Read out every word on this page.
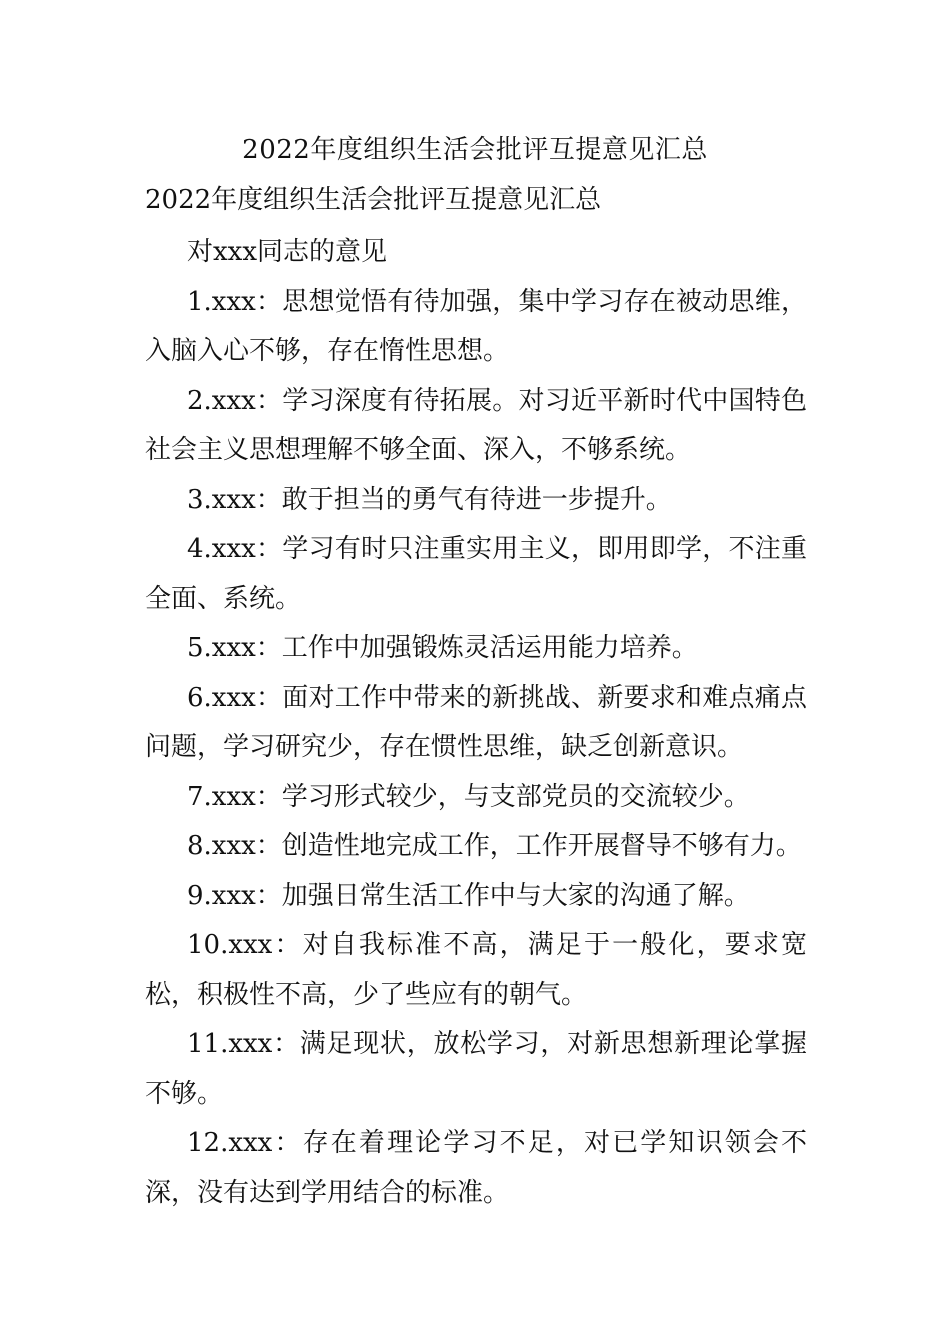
2022年度组织生活会批评互提意见汇总
2022年度组织生活会批评互提意见汇总

对xxx同志的意见

1.xxx：思想觉悟有待加强，集中学习存在被动思维，入脑入心不够，存在惰性思想。

2.xxx：学习深度有待拓展。对习近平新时代中国特色社会主义思想理解不够全面、深入，不够系统。

3.xxx：敢于担当的勇气有待进一步提升。

4.xxx：学习有时只注重实用主义，即用即学，不注重全面、系统。

5.xxx：工作中加强锻炼灵活运用能力培养。

6.xxx：面对工作中带来的新挑战、新要求和难点痛点问题，学习研究少，存在惯性思维，缺乏创新意识。

7.xxx：学习形式较少，与支部党员的交流较少。

8.xxx：创造性地完成工作，工作开展督导不够有力。

9.xxx：加强日常生活工作中与大家的沟通了解。

10.xxx：对自我标准不高，满足于一般化，要求宽松，积极性不高，少了些应有的朝气。

11.xxx：满足现状，放松学习，对新思想新理论掌握不够。

12.xxx：存在着理论学习不足，对已学知识领会不深，没有达到学用结合的标准。
